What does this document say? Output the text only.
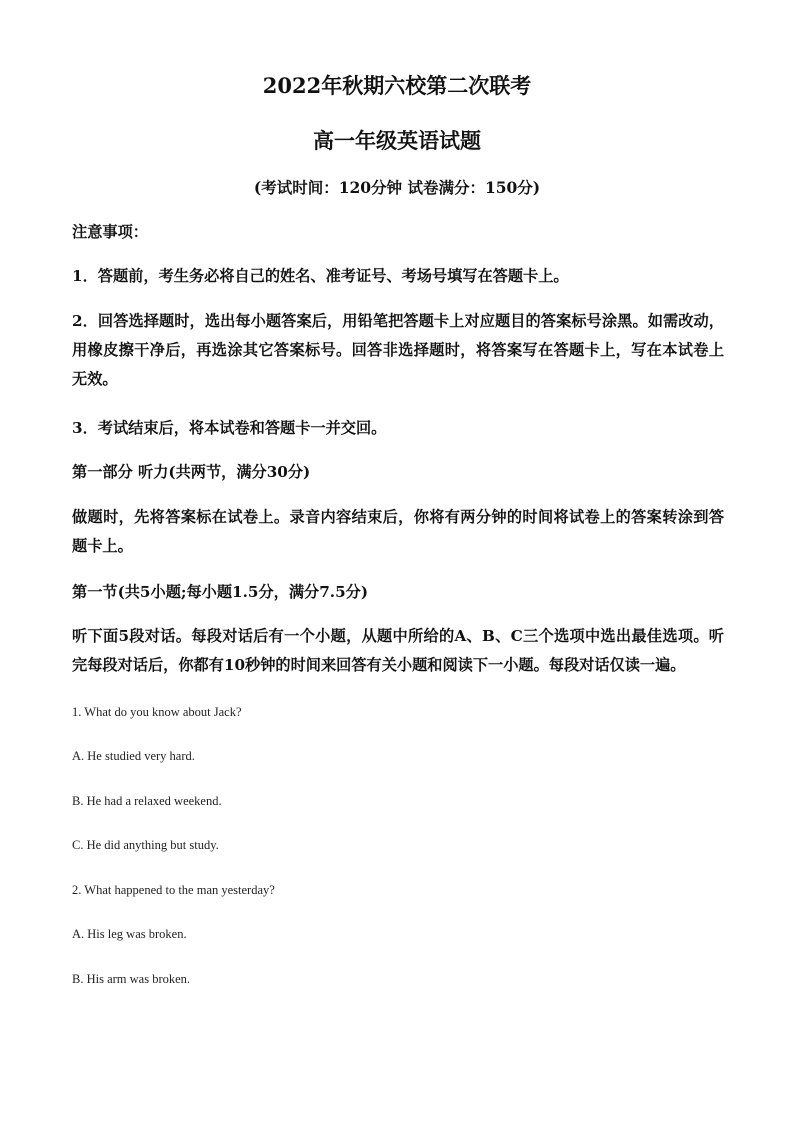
2022年秋期六校第二次联考
高一年级英语试题
(考试时间：120分钟 试卷满分：150分)
注意事项：
1．答题前，考生务必将自己的姓名、准考证号、考场号填写在答题卡上。
2．回答选择题时，选出每小题答案后，用铅笔把答题卡上对应题目的答案标号涂黑。如需改动，用橡皮擦干净后，再选涂其它答案标号。回答非选择题时，将答案写在答题卡上，写在本试卷上无效。
3．考试结束后，将本试卷和答题卡一并交回。
第一部分 听力(共两节，满分30分)
做题时，先将答案标在试卷上。录音内容结束后，你将有两分钟的时间将试卷上的答案转涂到答题卡上。
第一节(共5小题;每小题1.5分，满分7.5分)
听下面5段对话。每段对话后有一个小题，从题中所给的A、B、C三个选项中选出最佳选项。听完每段对话后，你都有10秒钟的时间来回答有关小题和阅读下一小题。每段对话仅读一遍。
1. What do you know about Jack?
A. He studied very hard.
B. He had a relaxed weekend.
C. He did anything but study.
2. What happened to the man yesterday?
A. His leg was broken.
B. His arm was broken.
